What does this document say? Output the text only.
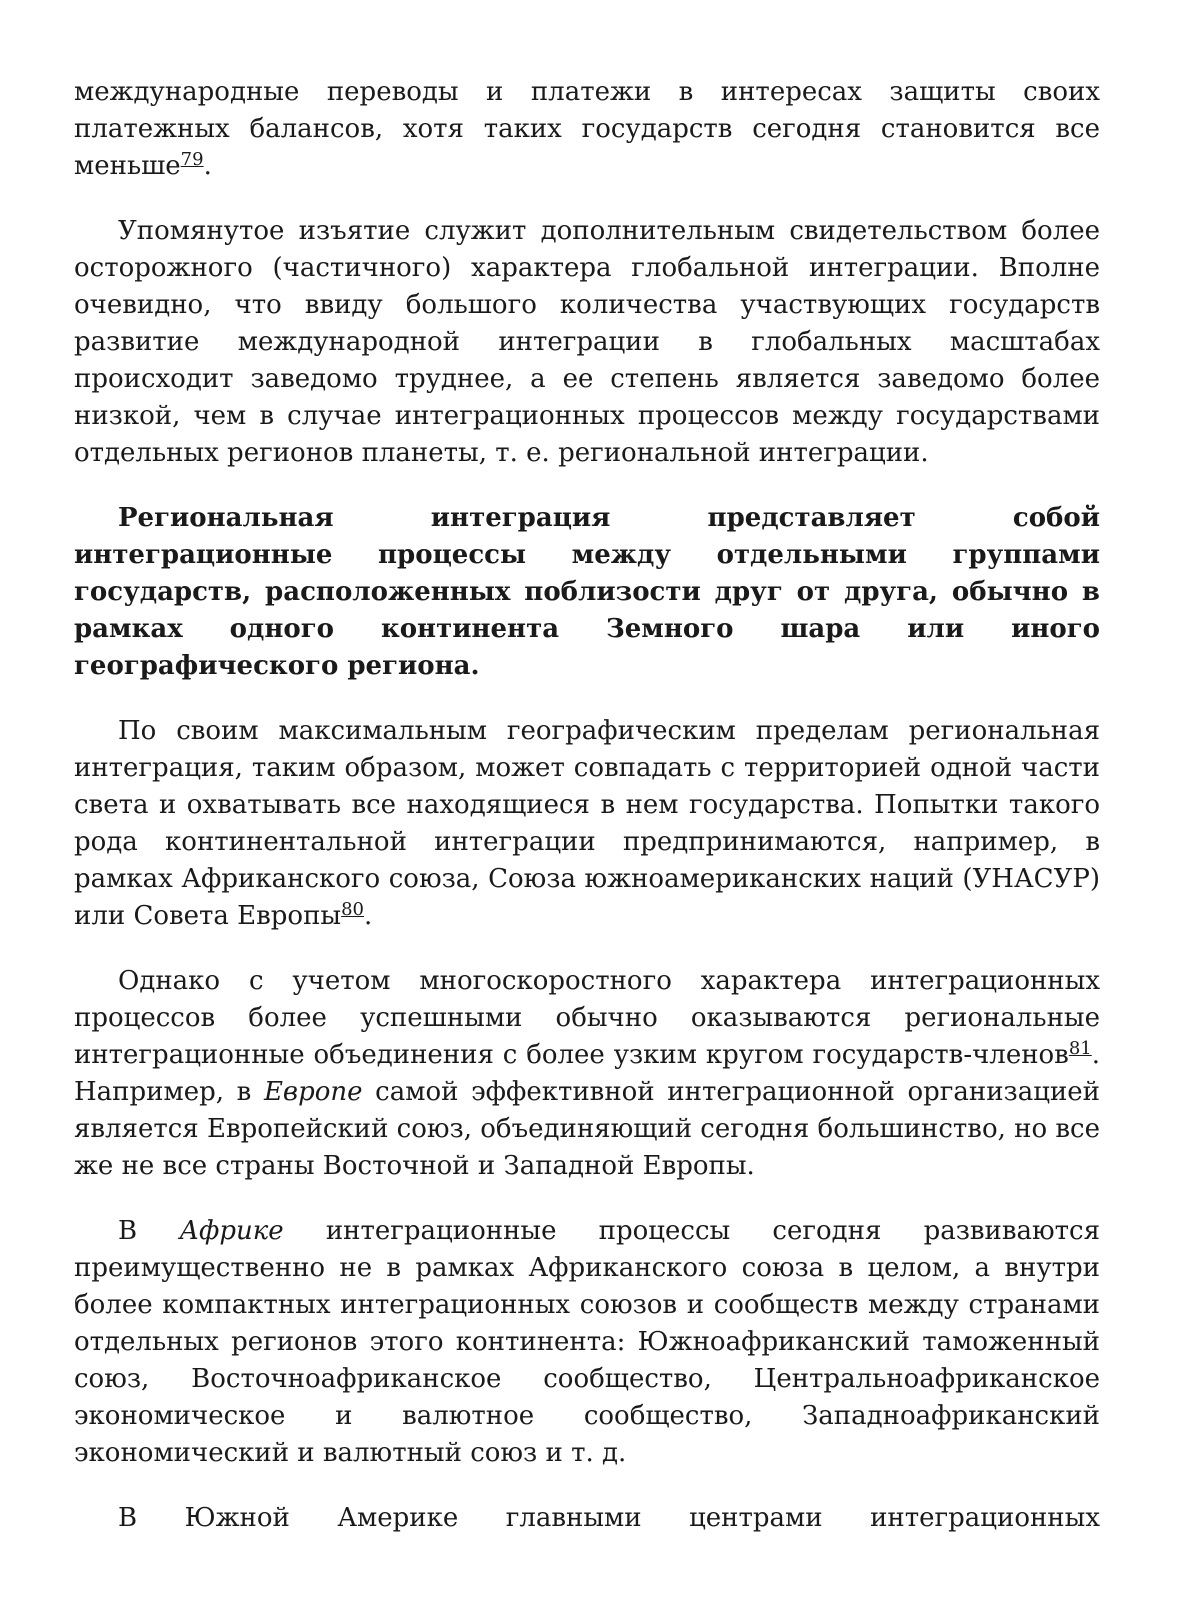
международные переводы и платежи в интересах защиты своих платежных балансов, хотя таких государств сегодня становится все меньше$^{79}$.

Упомянутое изъятие служит дополнительным свидетельством более осторожного (частичного) характера глобальной интеграции. Вполне очевидно, что ввиду большого количества участвующих государств развитие международной интеграции в глобальных масштабах происходит заведомо труднее, а ее степень является заведомо более низкой, чем в случае интеграционных процессов между государствами отдельных регионов планеты, т. е. региональной интеграции.

Региональная интеграция представляет собой интеграционные процессы между отдельными группами государств, расположенных поблизости друг от друга, обычно в рамках одного континента Земного шара или иного географического региона.

По своим максимальным географическим пределам региональная интеграция, таким образом, может совпадать с территорией одной части света и охватывать все находящиеся в нем государства. Попытки такого рода континентальной интеграции предпринимаются, например, в рамках Африканского союза, Союза южноамериканских наций (УНАСУР) или Совета Европы$^{80}$.

Однако с учетом многоскоростного характера интеграционных процессов более успешными обычно оказываются региональные интеграционные объединения с более узким кругом государств-членов$^{81}$. Например, в Европе самой эффективной интеграционной организацией является Европейский союз, объединяющий сегодня большинство, но все же не все страны Восточной и Западной Европы.

В Африке интеграционные процессы сегодня развиваются преимущественно не в рамках Африканского союза в целом, а внутри более компактных интеграционных союзов и сообществ между странами отдельных регионов этого континента: Южноафриканский таможенный союз, Восточноафриканское сообщество, Центральноафриканское экономическое и валютное сообщество, Западноафриканский экономический и валютный союз и т. д.

В Южной Америке главными центрами интеграционных
